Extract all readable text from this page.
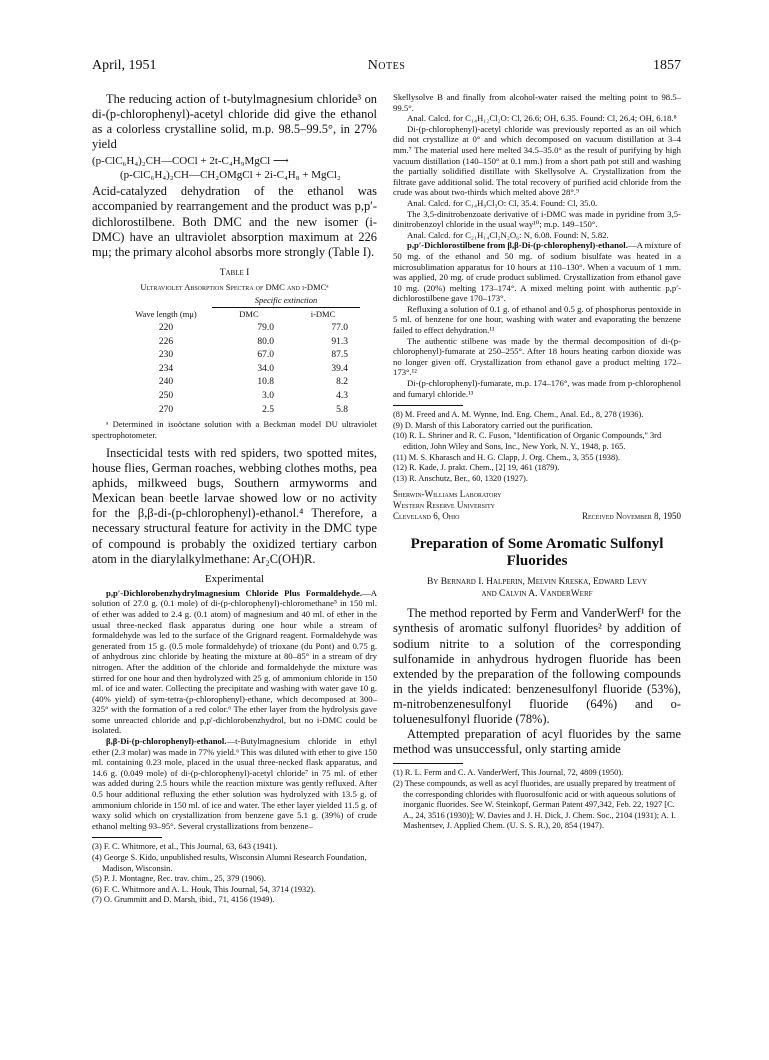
April, 1951	Notes	1857

The reducing action of t-butylmagnesium chloride³ on di-(p-chlorophenyl)-acetyl chloride did give the ethanol as a colorless crystalline solid, m.p. 98.5–99.5°, in 27% yield

(p-ClC₆H₄)₂CH—COCl + 2t-C₄H₉MgCl ⟶

(p-ClC₆H₄)₂CH—CH₂OMgCl + 2i-C₄H₈ + MgCl₂

Acid-catalyzed dehydration of the ethanol was accompanied by rearrangement and the product was p,p′-dichlorostilbene. Both DMC and the new isomer (i-DMC) have an ultraviolet absorption maximum at 226 mμ; the primary alcohol absorbs more strongly (Table I).

Table I
Ultraviolet Absorption Spectra of DMC and i-DMCᵃ
	Specific extinction	
Wave length (mμ)	DMC	i-DMC
220	79.0	77.0
226	80.0	91.3
230	67.0	87.5
234	34.0	39.4
240	10.8	8.2
250	3.0	4.3
270	2.5	5.8

ᵃ Determined in isoöctane solution with a Beckman model DU ultraviolet spectrophotometer.

Insecticidal tests with red spiders, two spotted mites, house flies, German roaches, webbing clothes moths, pea aphids, milkweed bugs, Southern armyworms and Mexican bean beetle larvae showed low or no activity for the β,β-di-(p-chlorophenyl)-ethanol.⁴ Therefore, a necessary structural feature for activity in the DMC type of compound is probably the oxidized tertiary carbon atom in the diarylalkylmethane: Ar₂C(OH)R.

Experimental

p,p′-Dichlorobenzhydrylmagnesium Chloride Plus Formaldehyde.—A solution of 27.0 g. (0.1 mole) of di-(p-chlorophenyl)-chloromethane⁵ in 150 ml. of ether was added to 2.4 g. (0.1 atom) of magnesium and 40 ml. of ether in the usual three-necked flask apparatus during one hour while a stream of formaldehyde was led to the surface of the Grignard reagent. Formaldehyde was generated from 15 g. (0.5 mole formaldehyde) of trioxane (du Pont) and 0.75 g. of anhydrous zinc chloride by heating the mixture at 80–85° in a stream of dry nitrogen. After the addition of the chloride and formaldehyde the mixture was stirred for one hour and then hydrolyzed with 25 g. of ammonium chloride in 150 ml. of ice and water. Collecting the precipitate and washing with water gave 10 g. (40% yield) of sym-tetra-(p-chlorophenyl)-ethane, which decomposed at 300–325° with the formation of a red color.⁶ The ether layer from the hydrolysis gave some unreacted chloride and p,p′-dichlorobenzhydrol, but no i-DMC could be isolated.

β,β-Di-(p-chlorophenyl)-ethanol.—t-Butylmagnesium chloride in ethyl ether (2.3 molar) was made in 77% yield.⁶ This was diluted with ether to give 150 ml. containing 0.23 mole, placed in the usual three-necked flask apparatus, and 14.6 g. (0.049 mole) of di-(p-chlorophenyl)-acetyl chloride⁷ in 75 ml. of ether was added during 2.5 hours while the reaction mixture was gently refluxed. After 0.5 hour additional refluxing the ether solution was hydrolyzed with 13.5 g. of ammonium chloride in 150 ml. of ice and water. The ether layer yielded 11.5 g. of waxy solid which on crystallization from benzene gave 5.1 g. (39%) of crude ethanol melting 93–95°. Several crystallizations from benzene–

(3) F. C. Whitmore, et al., This Journal, 63, 643 (1941).

(4) George S. Kido, unpublished results, Wisconsin Alumni Research Foundation, Madison, Wisconsin.

(5) P. J. Montagne, Rec. trav. chim., 25, 379 (1906).

(6) F. C. Whitmore and A. L. Houk, This Journal, 54, 3714 (1932).

(7) O. Grummitt and D. Marsh, ibid., 71, 4156 (1949).

Skellysolve B and finally from alcohol-water raised the melting point to 98.5–99.5°.

Anal. Calcd. for C₁₄H₁₂Cl₂O: Cl, 26.6; OH, 6.35. Found: Cl, 26.4; OH, 6.18.⁸

Di-(p-chlorophenyl)-acetyl chloride was previously reported as an oil which did not crystallize at 0° and which decomposed on vacuum distillation at 3–4 mm.⁷ The material used here melted 34.5–35.0° as the result of purifying by high vacuum distillation (140–150° at 0.1 mm.) from a short path pot still and washing the partially solidified distillate with Skellysolve A. Crystallization from the filtrate gave additional solid. The total recovery of purified acid chloride from the crude was about two-thirds which melted above 28°.⁹

Anal. Calcd. for C₁₄H₉Cl₃O: Cl, 35.4. Found: Cl, 35.0.

The 3,5-dinitrobenzoate derivative of i-DMC was made in pyridine from 3,5-dinitrobenzoyl chloride in the usual way¹⁰; m.p. 149–150°.

Anal. Calcd. for C₂₁H₁₄Cl₂N₂O₆: N, 6.08. Found: N, 5.82.

p,p′-Dichlorostilbene from β,β-Di-(p-chlorophenyl)-ethanol.—A mixture of 50 mg. of the ethanol and 50 mg. of sodium bisulfate was heated in a microsublimation apparatus for 10 hours at 110–130°. When a vacuum of 1 mm. was applied, 20 mg. of crude product sublimed. Crystallization from ethanol gave 10 mg. (20%) melting 173–174°. A mixed melting point with authentic p,p′-dichlorostilbene gave 170–173°.

Refluxing a solution of 0.1 g. of ethanol and 0.5 g. of phosphorus pentoxide in 5 ml. of benzene for one hour, washing with water and evaporating the benzene failed to effect dehydration.¹¹

The authentic stilbene was made by the thermal decomposition of di-(p-chlorophenyl)-fumarate at 250–255°. After 18 hours heating carbon dioxide was no longer given off. Crystallization from ethanol gave a product melting 172–173°.¹²

Di-(p-chlorophenyl)-fumarate, m.p. 174–176°, was made from p-chlorophenol and fumaryl chloride.¹³

(8) M. Freed and A. M. Wynne, Ind. Eng. Chem., Anal. Ed., 8, 278 (1936).

(9) D. Marsh of this Laboratory carried out the purification.

(10) R. L. Shriner and R. C. Fuson, "Identification of Organic Compounds," 3rd edition, John Wiley and Sons, Inc., New York, N. Y., 1948, p. 165.

(11) M. S. Kharasch and H. G. Clapp, J. Org. Chem., 3, 355 (1938).

(12) R. Kade, J. prakt. Chem., [2] 19, 461 (1879).

(13) R. Anschutz, Ber., 60, 1320 (1927).

Sherwin-Williams Laboratory
Western Reserve University
Cleveland 6, Ohio	Received November 8, 1950
Preparation of Some Aromatic Sulfonyl Fluorides
By Bernard I. Halperin, Melvin Kreska, Edward Levy
and Calvin A. VanderWerf

The method reported by Ferm and VanderWerf¹ for the synthesis of aromatic sulfonyl fluorides² by addition of sodium nitrite to a solution of the corresponding sulfonamide in anhydrous hydrogen fluoride has been extended by the preparation of the following compounds in the yields indicated: benzenesulfonyl fluoride (53%), m-nitrobenzenesulfonyl fluoride (64%) and o-toluenesulfonyl fluoride (78%).

Attempted preparation of acyl fluorides by the same method was unsuccessful, only starting amide

(1) R. L. Ferm and C. A. VanderWerf, This Journal, 72, 4809 (1950).

(2) These compounds, as well as acyl fluorides, are usually prepared by treatment of the corresponding chlorides with fluorosulfonic acid or with aqueous solutions of inorganic fluorides. See W. Steinkopf, German Patent 497,342, Feb. 22, 1927 [C. A., 24, 3516 (1930)]; W. Davies and J. H. Dick, J. Chem. Soc., 2104 (1931); A. I. Mashentsev, J. Applied Chem. (U. S. S. R.), 20, 854 (1947).
